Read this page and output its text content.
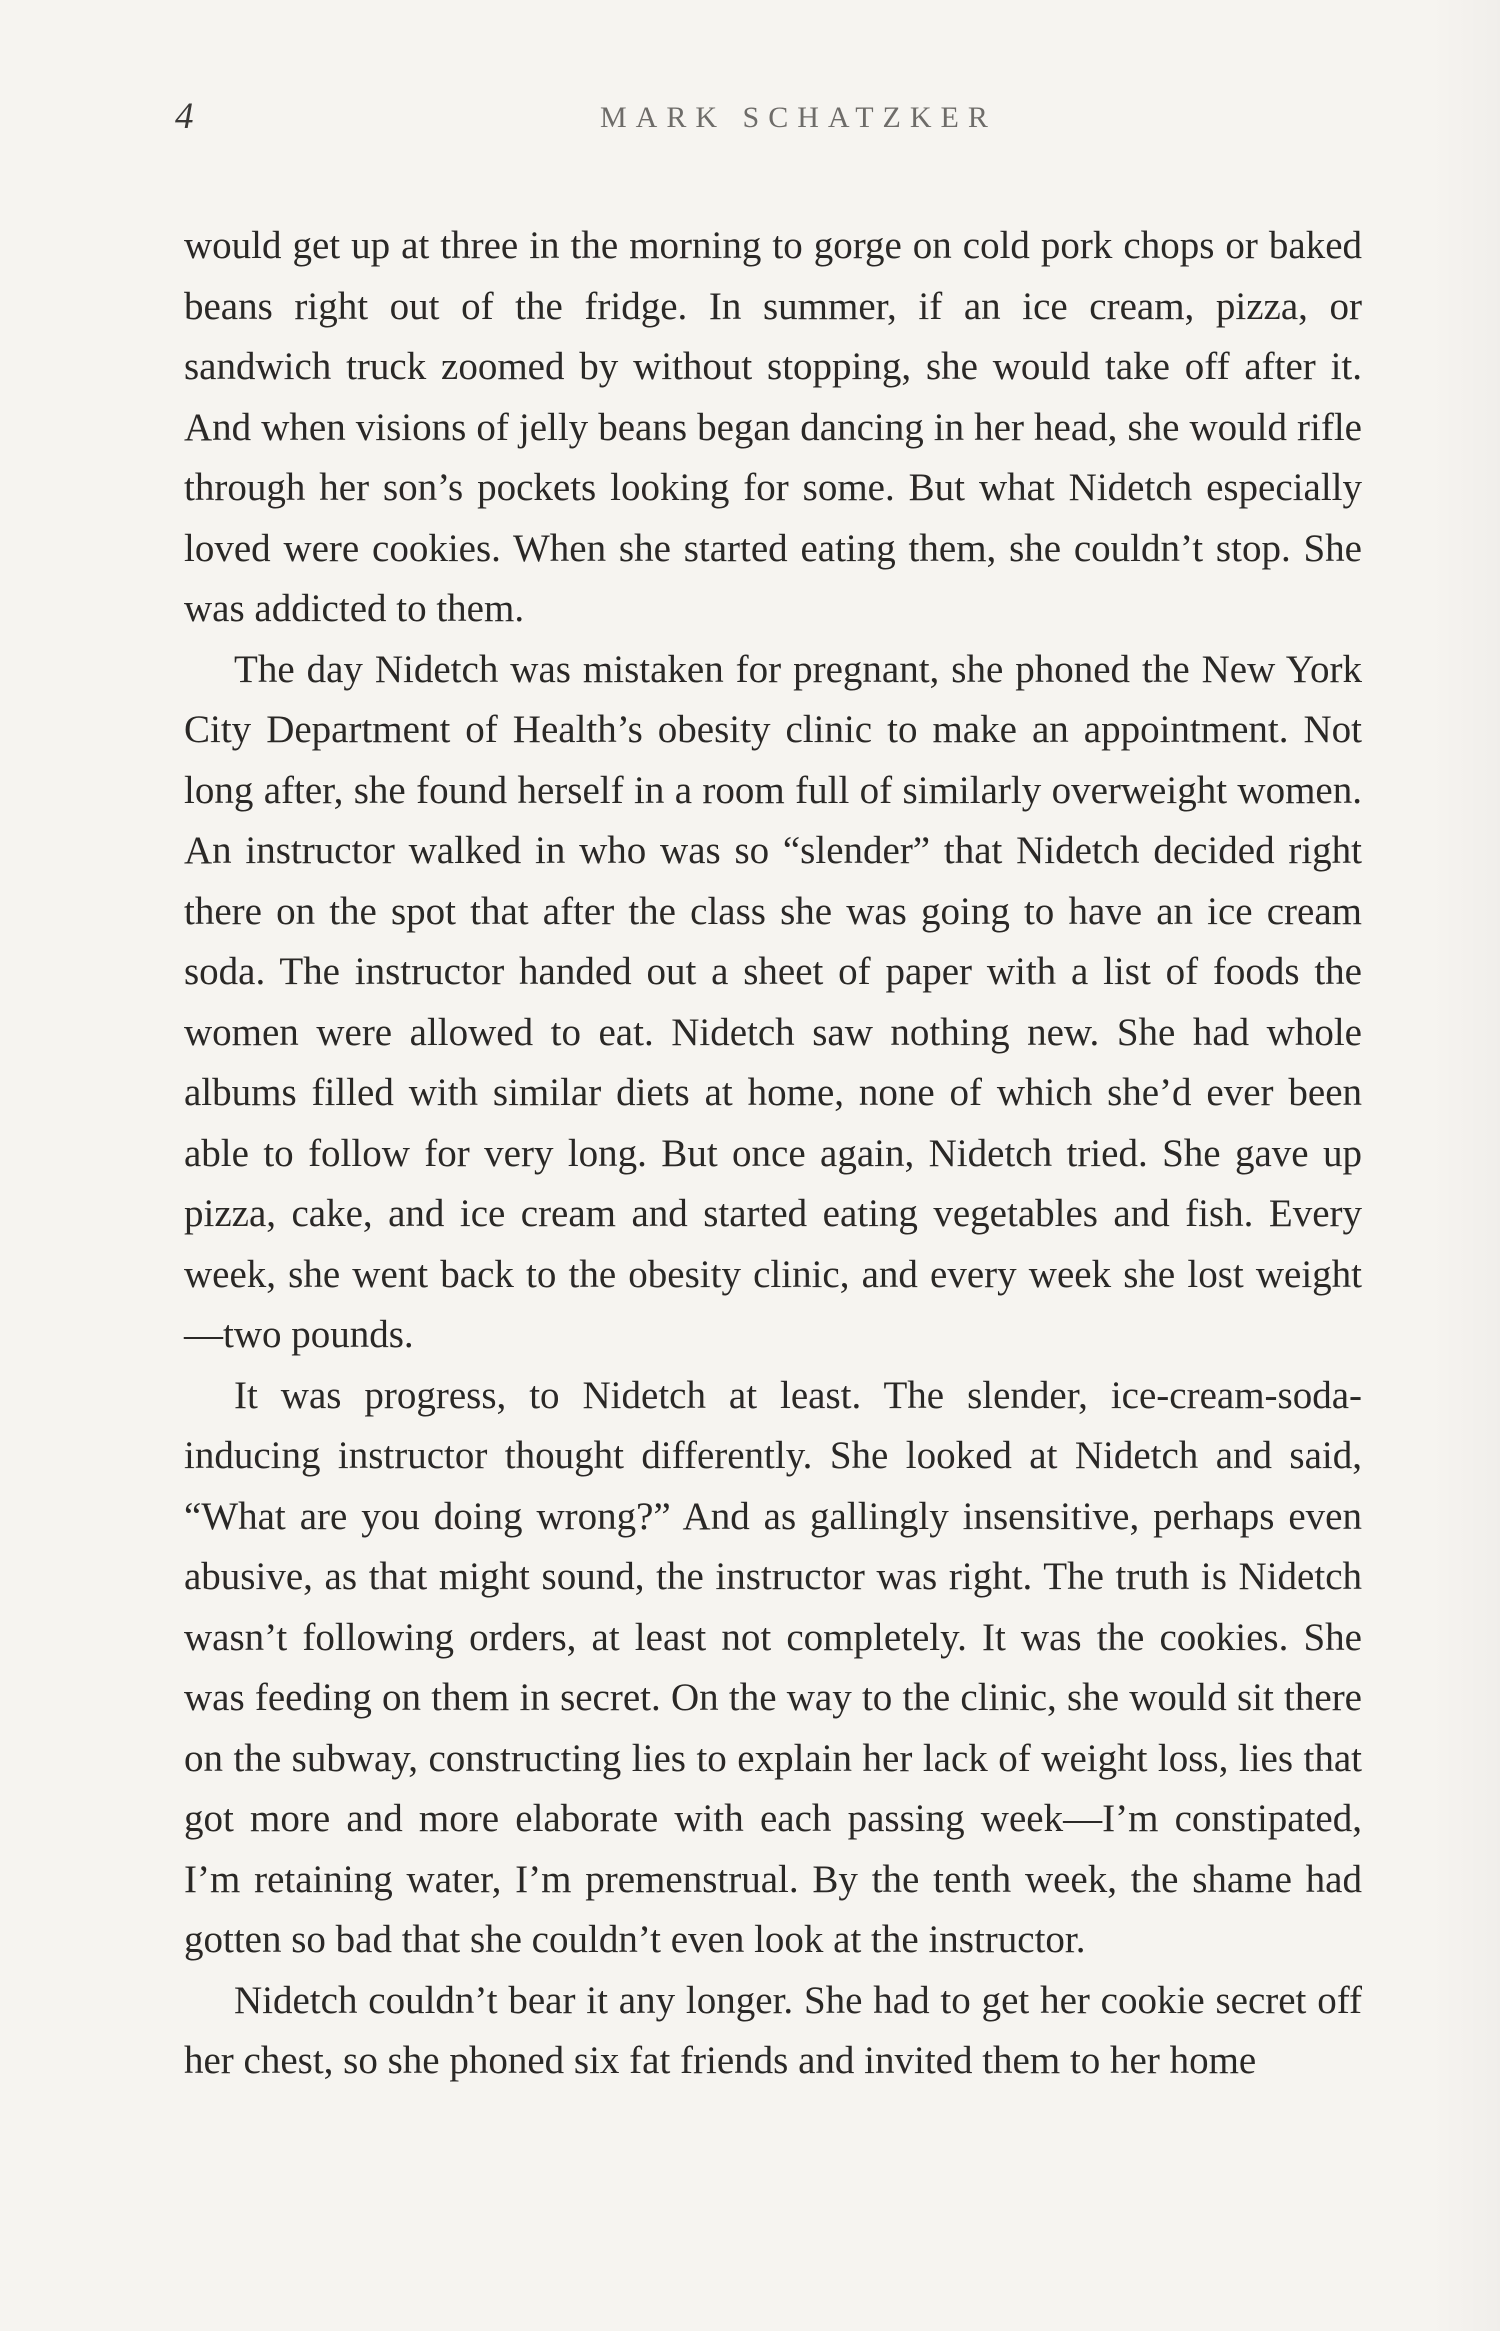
4	MARK SCHATZKER

would get up at three in the morning to gorge on cold pork chops or baked beans right out of the fridge. In summer, if an ice cream, pizza, or sandwich truck zoomed by without stopping, she would take off after it. And when visions of jelly beans began dancing in her head, she would rifle through her son’s pockets looking for some. But what Nidetch especially loved were cookies. When she started eating them, she couldn’t stop. She was addicted to them.

The day Nidetch was mistaken for pregnant, she phoned the New York City Department of Health’s obesity clinic to make an appointment. Not long after, she found herself in a room full of similarly overweight women. An instructor walked in who was so “slender” that Nidetch decided right there on the spot that after the class she was going to have an ice cream soda. The instructor handed out a sheet of paper with a list of foods the women were allowed to eat. Nidetch saw nothing new. She had whole albums filled with similar diets at home, none of which she’d ever been able to follow for very long. But once again, Nidetch tried. She gave up pizza, cake, and ice cream and started eating vegetables and fish. Every week, she went back to the obesity clinic, and every week she lost weight—two pounds.

It was progress, to Nidetch at least. The slender, ice-cream-soda-inducing instructor thought differently. She looked at Nidetch and said, “What are you doing wrong?” And as gallingly insensitive, perhaps even abusive, as that might sound, the instructor was right. The truth is Nidetch wasn’t following orders, at least not completely. It was the cookies. She was feeding on them in secret. On the way to the clinic, she would sit there on the subway, constructing lies to explain her lack of weight loss, lies that got more and more elaborate with each passing week—I’m constipated, I’m retaining water, I’m premenstrual. By the tenth week, the shame had gotten so bad that she couldn’t even look at the instructor.

Nidetch couldn’t bear it any longer. She had to get her cookie secret off her chest, so she phoned six fat friends and invited them to her home
